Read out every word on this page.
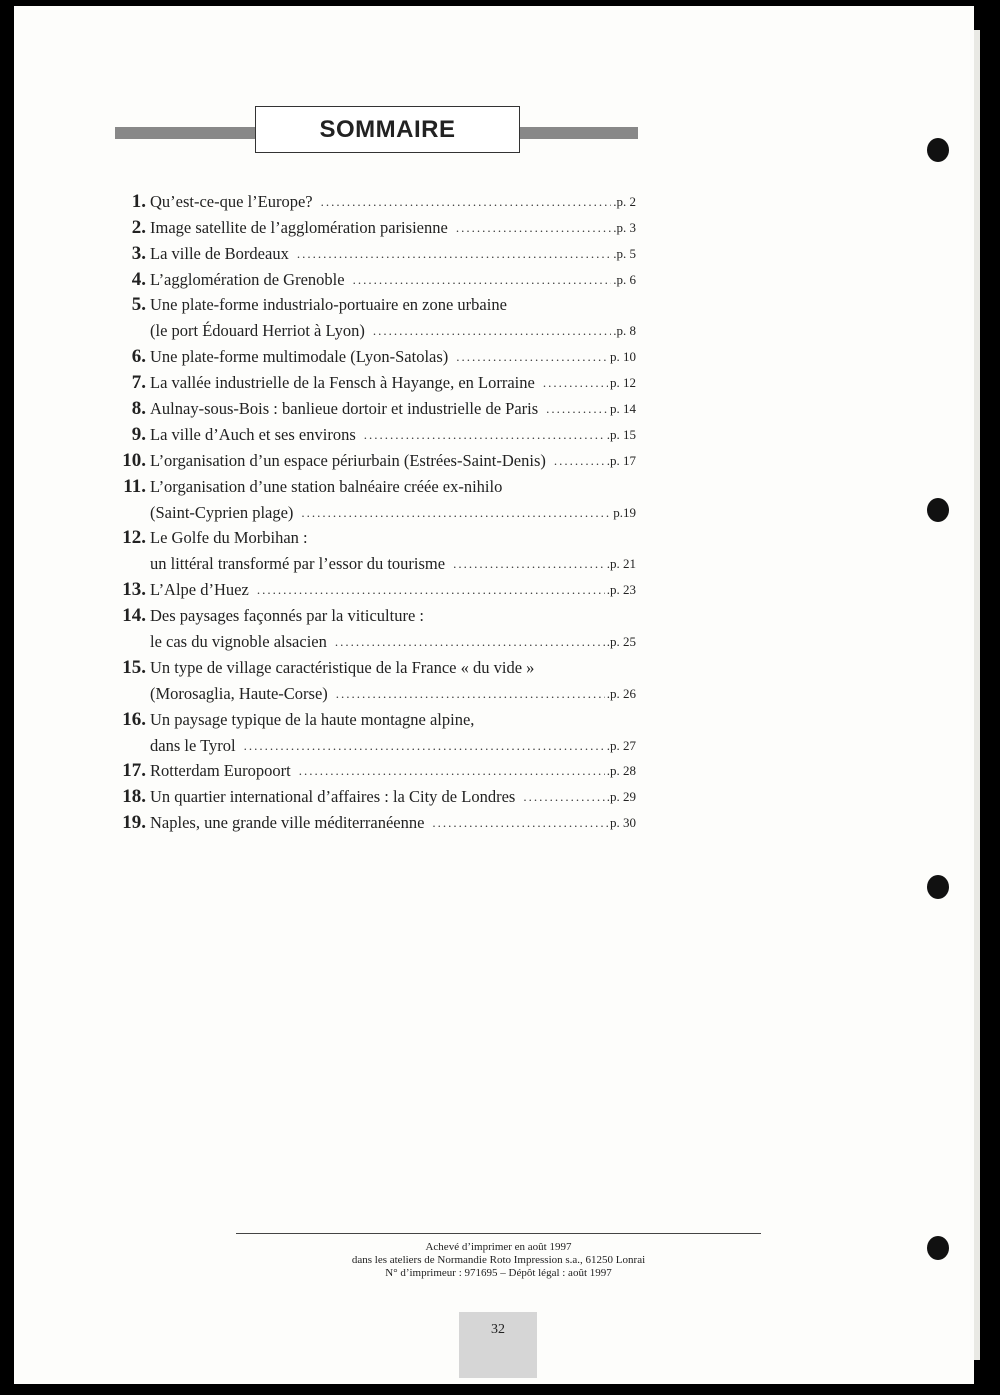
SOMMAIRE
1. Qu’est-ce-que l’Europe? .....	.p. 2
2. Image satellite de l’agglomération parisienne .....	.p. 3
3. La ville de Bordeaux .....	.p. 5
4. L’agglomération de Grenoble .....	.p. 6
5. Une plate-forme industrialo-portuaire en zone urbaine
(le port Édouard Herriot à Lyon) .....	.p. 8
6. Une plate-forme multimodale (Lyon-Satolas) .....	p. 10
7. La vallée industrielle de la Fensch à Hayange, en Lorraine .....	p. 12
8. Aulnay-sous-Bois : banlieue dortoir et industrielle de Paris .....	p. 14
9. La ville d’Auch et ses environs .....	.p. 15
10. L’organisation d’un espace périurbain (Estrées-Saint-Denis) .....	.p. 17
11. L’organisation d’une station balnéaire créée ex-nihilo
(Saint-Cyprien plage) .....	p.19
12. Le Golfe du Morbihan :
un littéral transformé par l’essor du tourisme .....	.p. 21
13. L’Alpe d’Huez .....	.p. 23
14. Des paysages façonnés par la viticulture :
le cas du vignoble alsacien .....	.p. 25
15. Un type de village caractéristique de la France « du vide »
(Morosaglia, Haute-Corse) .....	.p. 26
16. Un paysage typique de la haute montagne alpine,
dans le Tyrol .....	.p. 27
17. Rotterdam Europoort .....	.p. 28
18. Un quartier international d’affaires : la City de Londres .....	.p. 29
19. Naples, une grande ville méditerranéenne .....	p. 30
Achevé d’imprimer en août 1997
dans les ateliers de Normandie Roto Impression s.a., 61250 Lonrai
N° d’imprimeur : 971695 – Dépôt légal : août 1997
32
